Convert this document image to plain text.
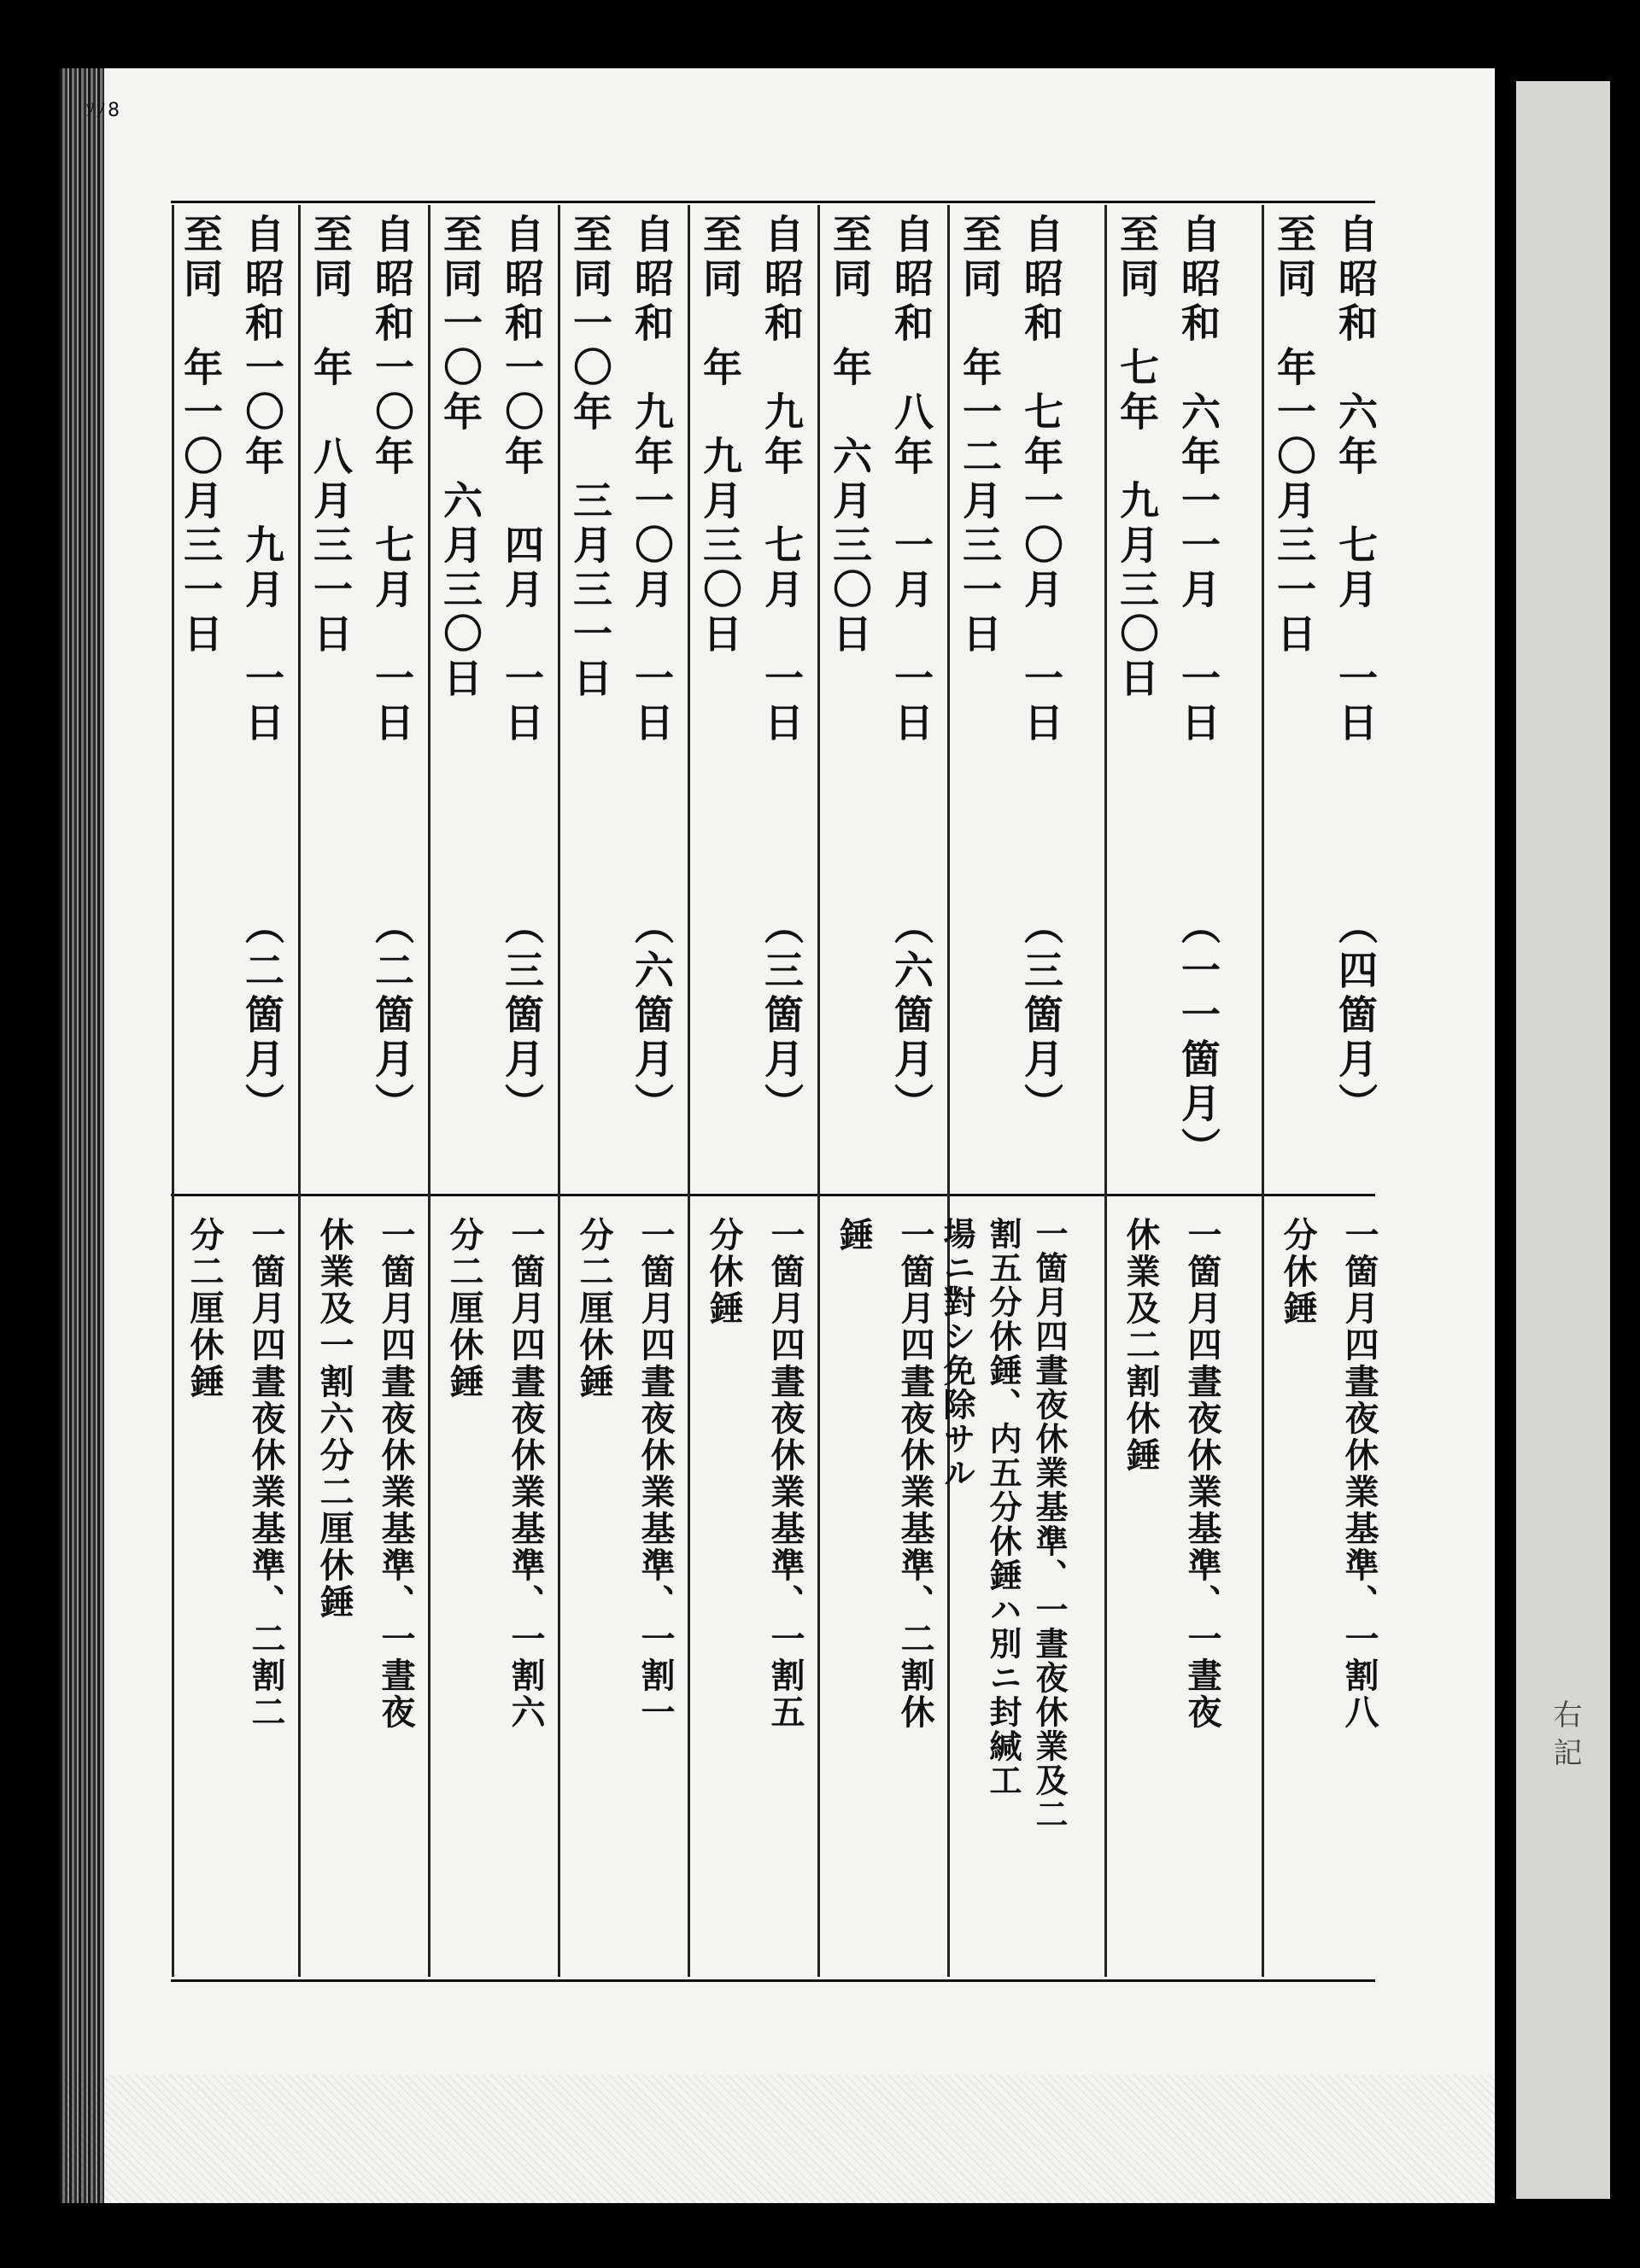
ｿﾉ8
右 記
自昭和　六年　七月　一日
至同　年一〇月三一日
（四箇月）
一箇月四晝夜休業基準、一割八
分休錘
自昭和　六年一一月　一日
至同　七年　九月三〇日
（一一箇月）
一箇月四晝夜休業基準、一晝夜
休業及二割休錘
自昭和　七年一〇月　一日
至同　年一二月三一日
（三箇月）
一箇月四晝夜休業基準、一晝夜休業及二
割五分休錘、内五分休錘ハ別ニ封緘工
場ニ對シ免除サル
自昭和　八年　一月　一日
至同　年　六月三〇日
（六箇月）
一箇月四晝夜休業基準、二割休
錘
自昭和　九年　七月　一日
至同　年　九月三〇日
（三箇月）
一箇月四晝夜休業基準、一割五
分休錘
自昭和　九年一〇月　一日
至同一〇年　三月三一日
（六箇月）
一箇月四晝夜休業基準、一割一
分二厘休錘
自昭和一〇年　四月　一日
至同一〇年　六月三〇日
（三箇月）
一箇月四晝夜休業基準、一割六
分二厘休錘
自昭和一〇年　七月　一日
至同　年　八月三一日
（二箇月）
一箇月四晝夜休業基準、一晝夜
休業及一割六分二厘休錘
自昭和一〇年　九月　一日
至同　年一〇月三一日
（二箇月）
一箇月四晝夜休業基準、二割二
分二厘休錘
